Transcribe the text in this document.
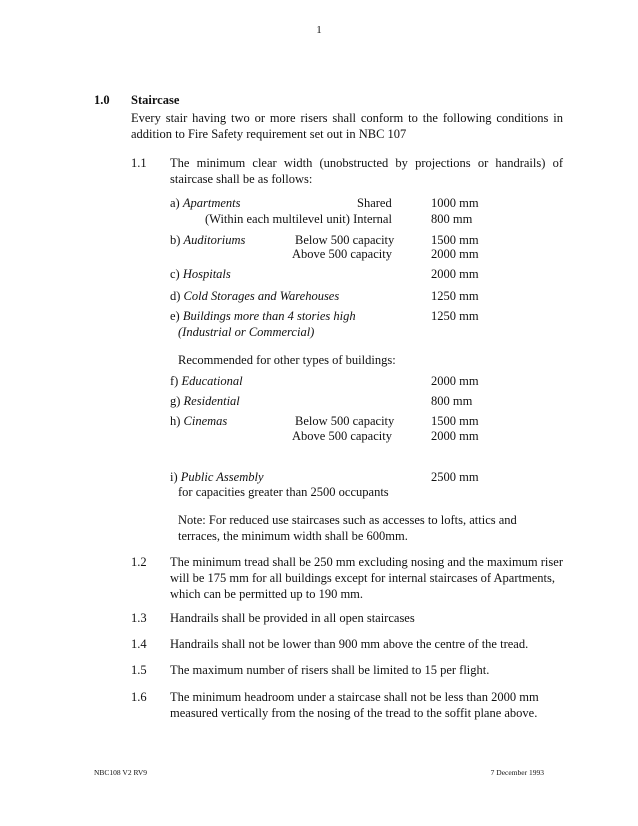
1
1.0 Staircase
Every stair having two or more risers shall conform to the following conditions in addition to Fire Safety requirement set out in NBC 107
1.1 The minimum clear width (unobstructed by projections or handrails) of staircase shall be as follows:
a) Apartments	Shared	1000 mm
(Within each multilevel unit) Internal	800 mm
b) Auditoriums	Below 500 capacity	1500 mm
Above 500 capacity	2000 mm
c) Hospitals	2000 mm
d) Cold Storages and Warehouses	1250 mm
e) Buildings more than 4 stories high	1250 mm
(Industrial or Commercial)
Recommended for other types of buildings:
f) Educational	2000 mm
g) Residential	800 mm
h) Cinemas	Below 500 capacity	1500 mm
Above 500 capacity	2000 mm
i) Public Assembly	2500 mm
for capacities greater than 2500 occupants
Note: For reduced use staircases such as accesses to lofts, attics and terraces, the minimum width shall be 600mm.
1.2 The minimum tread shall be 250 mm excluding nosing and the maximum riser will be 175 mm for all buildings except for internal staircases of Apartments, which can be permitted up to 190 mm.
1.3 Handrails shall be provided in all open staircases
1.4 Handrails shall not be lower than 900 mm above the centre of the tread.
1.5 The maximum number of risers shall be limited to 15 per flight.
1.6 The minimum headroom under a staircase shall not be less than 2000 mm measured vertically from the nosing of the tread to the soffit plane above.
NBC108 V2 RV9	7 December 1993
